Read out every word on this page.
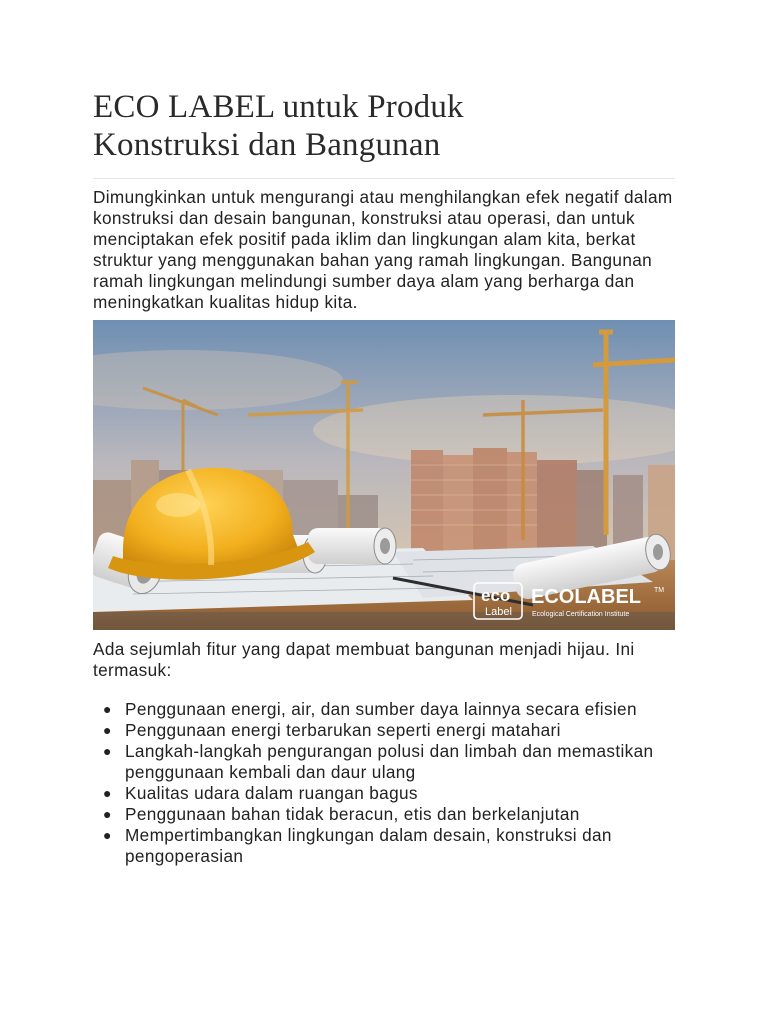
ECO LABEL untuk Produk
Konstruksi dan Bangunan

Dimungkinkan untuk mengurangi atau menghilangkan efek negatif dalam konstruksi dan desain bangunan, konstruksi atau operasi, dan untuk menciptakan efek positif pada iklim dan lingkungan alam kita, berkat struktur yang menggunakan bahan yang ramah lingkungan. Bangunan ramah lingkungan melindungi sumber daya alam yang berharga dan meningkatkan kualitas hidup kita.

eco
Label
ECOLABEL TM
Ecological Certification Institute

Ada sejumlah fitur yang dapat membuat bangunan menjadi hijau. Ini termasuk:

● Penggunaan energi, air, dan sumber daya lainnya secara efisien
● Penggunaan energi terbarukan seperti energi matahari
● Langkah-langkah pengurangan polusi dan limbah dan memastikan penggunaan kembali dan daur ulang
● Kualitas udara dalam ruangan bagus
● Penggunaan bahan tidak beracun, etis dan berkelanjutan
● Mempertimbangkan lingkungan dalam desain, konstruksi dan pengoperasian
